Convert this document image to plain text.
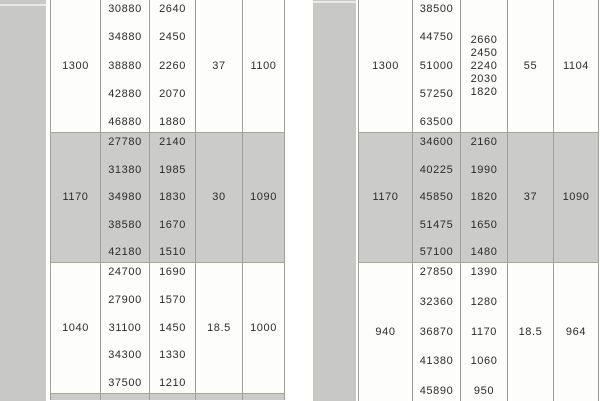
1300
30880
34880
38880
42880
46880
2640
2450
2260
2070
1880
37 1100
1170
27780
31380
34980
38580
42180
2140
1985
1830
1670
1510
30 1090
1040
24700
27900
31100
34300
37500
1690
1570
1450
1330
1210
18.5 1000
1300
38500
44750
51000
57250
63500
2660
2450
2240
2030
1820
55 1104
1170
34600
40225
45850
51475
57100
2160
1990
1820
1650
1480
37 1090
940
27850
32360
36870
41380
45890
1390
1280
1170
1060
950
18.5 964
